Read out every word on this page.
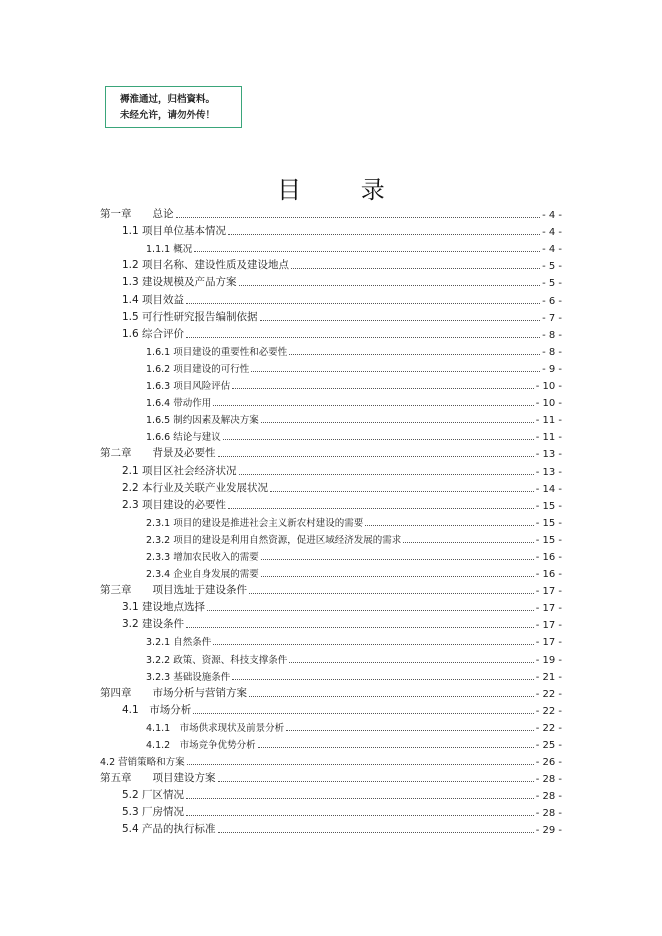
褥淮通过，归档資料。
未经允许，请勿外传！
目 录
第一章　　总论	- 4 -
1.1 项目单位基本情况	- 4 -
1.1.1 概况	- 4 -
1.2 项目名称、建设性质及建设地点	- 5 -
1.3 建设规模及产品方案	- 5 -
1.4 项目效益	- 6 -
1.5 可行性研究报告编制依据	- 7 -
1.6 综合评价	- 8 -
1.6.1 项目建设的重要性和必要性	- 8 -
1.6.2 项目建设的可行性	- 9 -
1.6.3 项目风险评估	- 10 -
1.6.4 带动作用	- 10 -
1.6.5 制约因素及解决方案	- 11 -
1.6.6 结论与建议	- 11 -
第二章　　背景及必要性	- 13 -
2.1 项目区社会经济状况	- 13 -
2.2 本行业及关联产业发展状况	- 14 -
2.3 项目建设的必要性	- 15 -
2.3.1 项目的建设是推进社会主义新农村建设的需要	- 15 -
2.3.2 项目的建设是利用自然资源，促进区域经济发展的需求	- 15 -
2.3.3 增加农民收入的需要	- 16 -
2.3.4 企业自身发展的需要	- 16 -
第三章　　项目选址于建设条件	- 17 -
3.1 建设地点选择	- 17 -
3.2 建设条件	- 17 -
3.2.1 自然条件	- 17 -
3.2.2 政策、资源、科技支撑条件	- 19 -
3.2.3 基础设施条件	- 21 -
第四章　　市场分析与营销方案	- 22 -
4.1　市场分析	- 22 -
4.1.1　市场供求现状及前景分析	- 22 -
4.1.2　市场竞争优势分析	- 25 -
4.2 营销策略和方案	- 26 -
第五章　　项目建设方案	- 28 -
5.2 厂区情况	- 28 -
5.3 厂房情况	- 28 -
5.4 产品的执行标准	- 29 -
